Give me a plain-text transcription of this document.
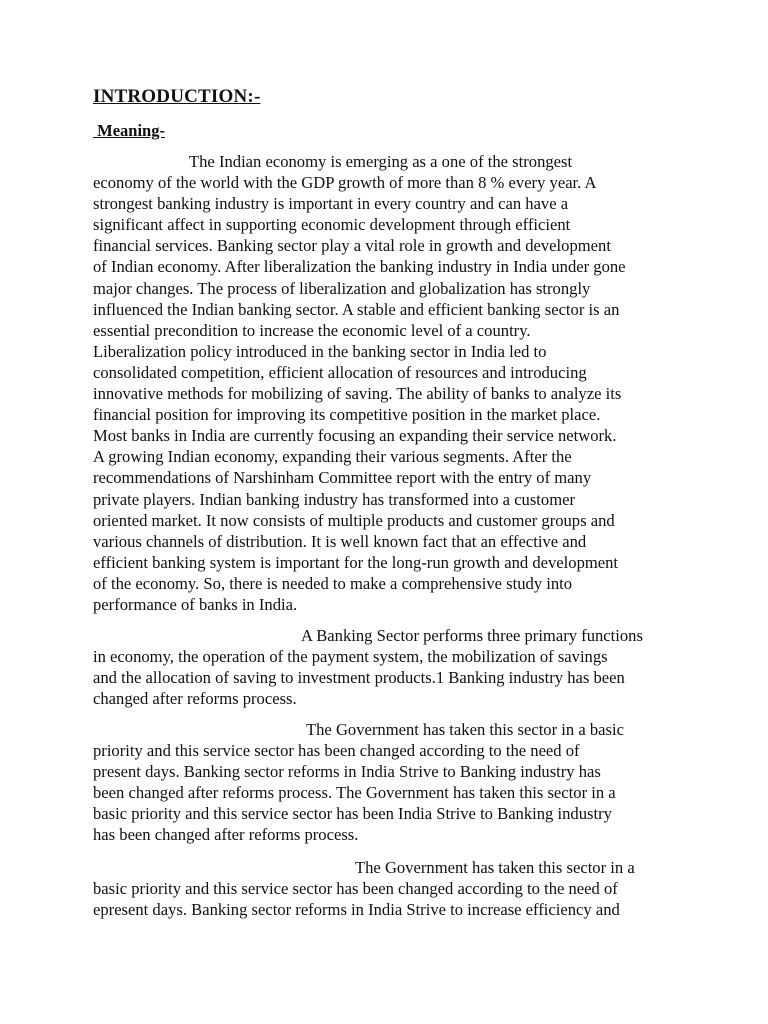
INTRODUCTION:-
Meaning-

The Indian economy is emerging as a one of the strongest
economy of the world with the GDP growth of more than 8 % every year. A
strongest banking industry is important in every country and can have a
significant affect in supporting economic development through efficient
financial services. Banking sector play a vital role in growth and development
of Indian economy. After liberalization the banking industry in India under gone
major changes. The process of liberalization and globalization has strongly
influenced the Indian banking sector. A stable and efficient banking sector is an
essential precondition to increase the economic level of a country.
Liberalization policy introduced in the banking sector in India led to
consolidated competition, efficient allocation of resources and introducing
innovative methods for mobilizing of saving. The ability of banks to analyze its
financial position for improving its competitive position in the market place.
Most banks in India are currently focusing an expanding their service network.
A growing Indian economy, expanding their various segments. After the
recommendations of Narshinham Committee report with the entry of many
private players. Indian banking industry has transformed into a customer
oriented market. It now consists of multiple products and customer groups and
various channels of distribution. It is well known fact that an effective and
efficient banking system is important for the long-run growth and development
of the economy. So, there is needed to make a comprehensive study into
performance of banks in India.

A Banking Sector performs three primary functions
in economy, the operation of the payment system, the mobilization of savings
and the allocation of saving to investment products.1 Banking industry has been
changed after reforms process.

The Government has taken this sector in a basic
priority and this service sector has been changed according to the need of
present days. Banking sector reforms in India Strive to Banking industry has
been changed after reforms process. The Government has taken this sector in a
basic priority and this service sector has been India Strive to Banking industry
has been changed after reforms process.

The Government has taken this sector in a
basic priority and this service sector has been changed according to the need of
epresent days. Banking sector reforms in India Strive to increase efficiency and
